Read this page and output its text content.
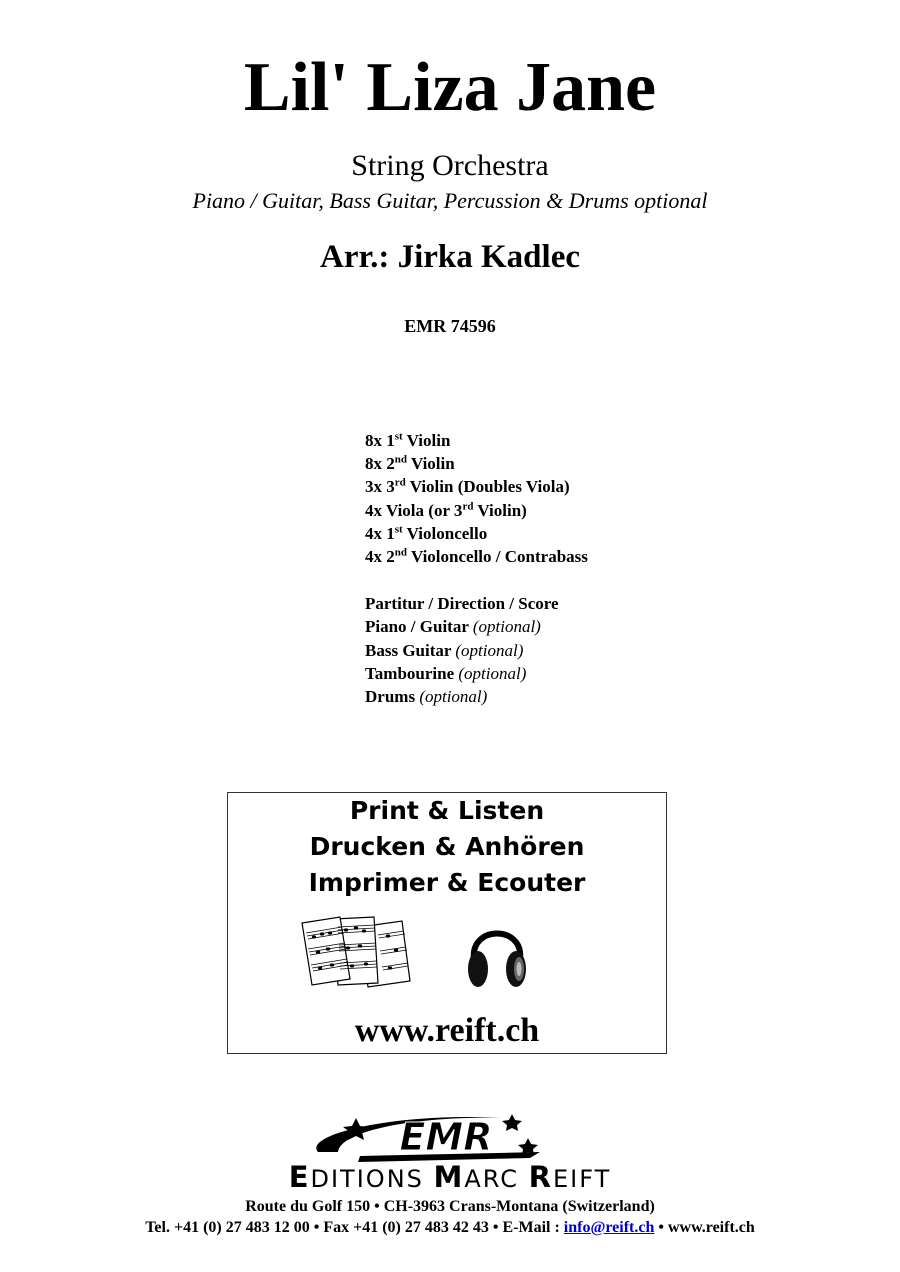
Lil' Liza Jane
String Orchestra
Piano / Guitar, Bass Guitar, Percussion & Drums optional
Arr.: Jirka Kadlec
EMR 74596
8x 1st Violin
8x 2nd Violin
3x 3rd Violin (Doubles Viola)
4x Viola (or 3rd Violin)
4x 1st Violoncello
4x 2nd Violoncello / Contrabass
Partitur / Direction / Score
Piano / Guitar (optional)
Bass Guitar (optional)
Tambourine (optional)
Drums (optional)
Print & Listen
Drucken & Anhören
Imprimer & Ecouter
www.reift.ch
EMR
EDITIONS MARC REIFT
Route du Golf 150 • CH-3963 Crans-Montana (Switzerland)
Tel. +41 (0) 27 483 12 00 • Fax +41 (0) 27 483 42 43 • E-Mail : info@reift.ch • www.reift.ch
